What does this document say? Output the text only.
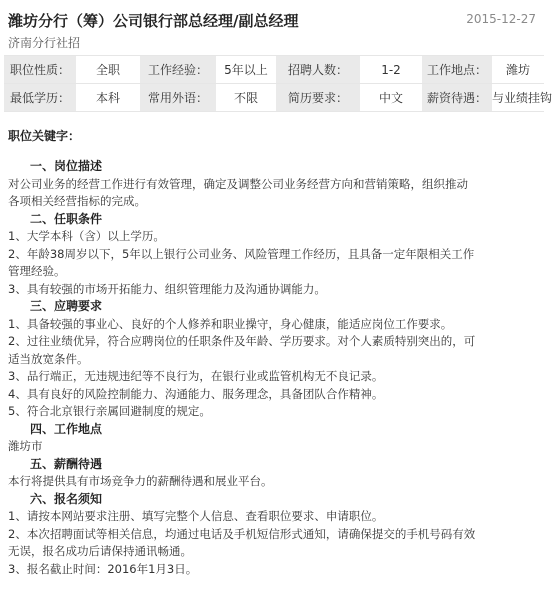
潍坊分行（筹）公司银行部总经理/副总经理	2015-12-27
济南分行社招
职位性质：	全职	工作经验：	5年以上	招聘人数：	1-2	工作地点：	潍坊
最低学历：	本科	常用外语：	不限	简历要求：	中文	薪资待遇：	与业绩挂钩
职位关键字：
一、岗位描述
对公司业务的经营工作进行有效管理，确定及调整公司业务经营方向和营销策略，组织推动
各项相关经营指标的完成。
二、任职条件
1、大学本科（含）以上学历。
2、年龄38周岁以下，5年以上银行公司业务、风险管理工作经历，且具备一定年限相关工作
管理经验。
3、具有较强的市场开拓能力、组织管理能力及沟通协调能力。
三、应聘要求
1、具备较强的事业心、良好的个人修养和职业操守，身心健康，能适应岗位工作要求。
2、过往业绩优异，符合应聘岗位的任职条件及年龄、学历要求。对个人素质特别突出的，可
适当放宽条件。
3、品行端正，无违规违纪等不良行为，在银行业或监管机构无不良记录。
4、具有良好的风险控制能力、沟通能力、服务理念，具备团队合作精神。
5、符合北京银行亲属回避制度的规定。
四、工作地点
潍坊市
五、薪酬待遇
本行将提供具有市场竞争力的薪酬待遇和展业平台。
六、报名须知
1、请按本网站要求注册、填写完整个人信息、查看职位要求、申请职位。
2、本次招聘面试等相关信息，均通过电话及手机短信形式通知，请确保提交的手机号码有效
无误，报名成功后请保持通讯畅通。
3、报名截止时间：2016年1月3日。
